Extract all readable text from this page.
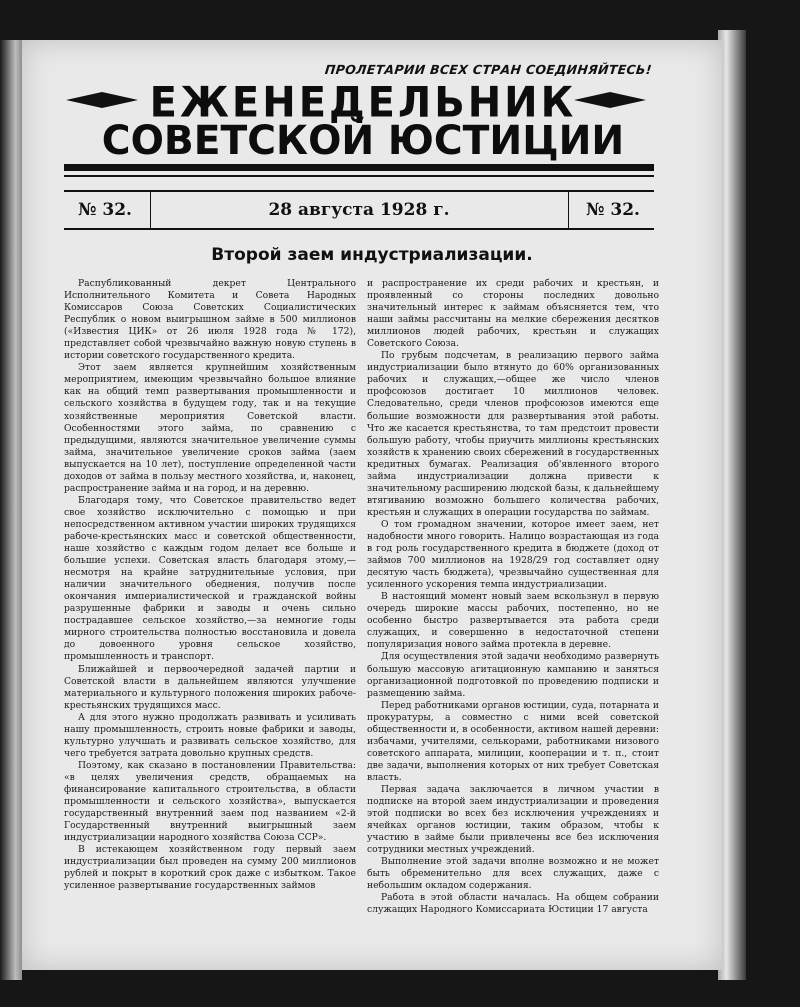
ПРОЛЕТАРИИ ВСЕХ СТРАН СОЕДИНЯЙТЕСЬ!
ЕЖЕНЕДЕЛЬНИК
СОВЕТСКОЙ ЮСТИЦИИ
№ 32.	28 августа 1928 г.	№ 32.
Второй заем индустриализации.

Распубликованный декрет Центрального Исполнительного Комитета и Совета Народных Комиссаров Союза Советских Социалистических Республик о новом выигрышном займе в 500 миллионов («Известия ЦИК» от 26 июля 1928 года № 172), представляет собой чрезвычайно важную новую ступень в истории советского государственного кредита.

Этот заем является крупнейшим хозяйственным мероприятием, имеющим чрезвычайно большое влияние как на общий темп развертывания промышленности и сельского хозяйства в будущем году, так и на текущие хозяйственные мероприятия Советской власти. Особенностями этого займа, по сравнению с предыдущими, являются значительное увеличение суммы займа, значительное увеличение сроков займа (заем выпускается на 10 лет), поступление определенной части доходов от займа в пользу местного хозяйства, и, наконец, распространение займа и на город, и на деревню.

Благодаря тому, что Советское правительство ведет свое хозяйство исключительно с помощью и при непосредственном активном участии широких трудящихся рабоче-крестьянских масс и советской общественности, наше хозяйство с каждым годом делает все больше и большие успехи. Советская власть благодаря этому,— несмотря на крайне затруднительные условия, при наличии значительного обеднения, получив после окончания империалистической и гражданской войны разрушенные фабрики и заводы и очень сильно пострадавшее сельское хозяйство,—за немногие годы мирного строительства полностью восстановила и довела до довоенного уровня сельское хозяйство, промышленность и транспорт.

Ближайшей и первоочередной задачей партии и Советской власти в дальнейшем являются улучшение материального и культурного положения широких рабоче-крестьянских трудящихся масс.

А для этого нужно продолжать развивать и усиливать нашу промышленность, строить новые фабрики и заводы, культурно улучшать и развивать сельское хозяйство, для чего требуется затрата довольно крупных средств.

Поэтому, как сказано в постановлении Правительства: «в целях увеличения средств, обращаемых на финансирование капитального строительства, в области промышленности и сельского хозяйства», выпускается государственный внутренний заем под названием «2-й Государственный внутренний выигрышный заем индустриализации народного хозяйства Союза ССР».

В истекающем хозяйственном году первый заем индустриализации был проведен на сумму 200 миллионов рублей и покрыт в короткий срок даже с избытком. Такое усиленное развертывание государственных займов

и распространение их среди рабочих и крестьян, и проявленный со стороны последних довольно значительный интерес к займам объясняется тем, что наши займы рассчитаны на мелкие сбережения десятков миллионов людей рабочих, крестьян и служащих Советского Союза.

По грубым подсчетам, в реализацию первого займа индустриализации было втянуто до 60% организованных рабочих и служащих,—общее же число членов профсоюзов достигает 10 миллионов человек. Следовательно, среди членов профсоюзов имеются еще большие возможности для развертывания этой работы. Что же касается крестьянства, то там предстоит провести большую работу, чтобы приучить миллионы крестьянских хозяйств к хранению своих сбережений в государственных кредитных бумагах. Реализация об'явленного второго займа индустриализации должна привести к значительному расширению людской базы, к дальнейшему втягиванию возможно большего количества рабочих, крестьян и служащих в операции государства по займам.

О том громадном значении, которое имеет заем, нет надобности много говорить. Налицо возрастающая из года в год роль государственного кредита в бюджете (доход от займов 700 миллионов на 1928/29 год составляет одну десятую часть бюджета), чрезвычайно существенная для усиленного ускорения темпа индустриализации.

В настоящий момент новый заем вскользнул в первую очередь широкие массы рабочих, постепенно, но не особенно быстро развертывается эта работа среди служащих, и совершенно в недостаточной степени популяризация нового займа протекла в деревне.

Для осуществления этой задачи необходимо развернуть большую массовую агитационную кампанию и заняться организационной подготовкой по проведению подписки и размещению займа.

Перед работниками органов юстиции, суда, потарната и прокуратуры, а совместно с ними всей советской общественности и, в особенности, активом нашей деревни: избачами, учителями, селькорами, работниками низового советского аппарата, милиции, кооперации и т. п., стоит две задачи, выполнения которых от них требует Советская власть.

Первая задача заключается в личном участии в подписке на второй заем индустриализации и проведения этой подписки во всех без исключения учреждениях и ячейках органов юстиции, таким образом, чтобы к участию в займе были привлечены все без исключения сотрудники местных учреждений.

Выполнение этой задачи вполне возможно и не может быть обременительно для всех служащих, даже с небольшим окладом содержания.

Работа в этой области началась. На общем собрании служащих Народного Комиссариата Юстиции 17 августа
